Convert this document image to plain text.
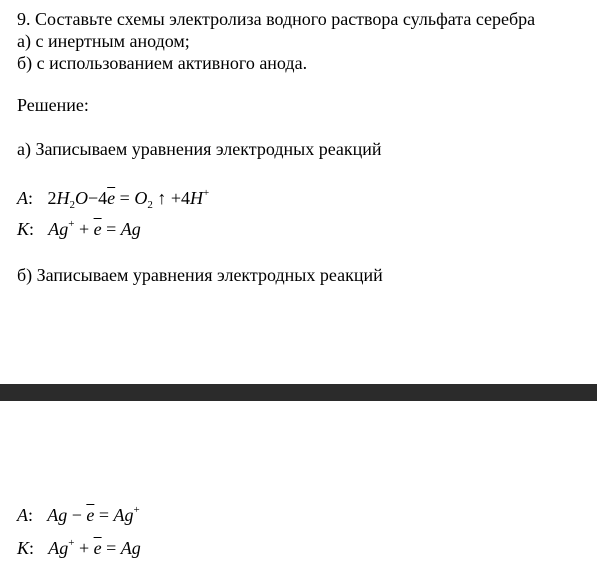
9. Составьте схемы электролиза водного раствора сульфата серебра
а) с инертным анодом;
б) с использованием активного анода.
Решение:
а) Записываем уравнения электродных реакций
A: $2H_2O-4\overline{e} = O_2$ ↑ +4H+
K: $Ag^+ + \overline{e} = Ag$
б) Записываем уравнения электродных реакций
A: $Ag - \overline{e} = Ag^+$
K: $Ag^+ + \overline{e} = Ag$
